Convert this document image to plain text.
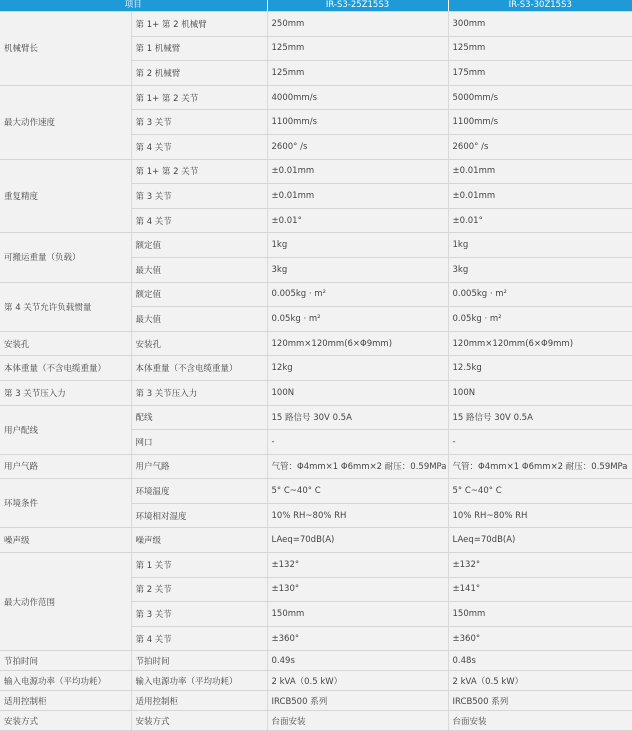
项目		IR-S3-25Z15S3	IR-S3-30Z15S3
机械臂长	第 1+ 第 2 机械臂	250mm	300mm
	第 1 机械臂	125mm	125mm
	第 2 机械臂	125mm	175mm
最大动作速度	第 1+ 第 2 关节	4000mm/s	5000mm/s
	第 3 关节	1100mm/s	1100mm/s
	第 4 关节	2600° /s	2600° /s
重复精度	第 1+ 第 2 关节	±0.01mm	±0.01mm
	第 3 关节	±0.01mm	±0.01mm
	第 4 关节	±0.01°	±0.01°
可搬运重量（负载）	额定值	1kg	1kg
	最大值	3kg	3kg
第 4 关节允许负载惯量	额定值	0.005kg · m²	0.005kg · m²
	最大值	0.05kg · m²	0.05kg · m²
安装孔	安装孔	120mm×120mm(6×Φ9mm)	120mm×120mm(6×Φ9mm)
本体重量（不含电缆重量）	本体重量（不含电缆重量）	12kg	12.5kg
第 3 关节压入力	第 3 关节压入力	100N	100N
用户配线	配线	15 路信号 30V 0.5A	15 路信号 30V 0.5A
	网口	-	-
用户气路	用户气路	气管：Φ4mm×1 Φ6mm×2 耐压：0.59MPa	气管：Φ4mm×1 Φ6mm×2 耐压：0.59MPa
环境条件	环境温度	5° C~40° C	5° C~40° C
	环境相对湿度	10% RH~80% RH	10% RH~80% RH
噪声级	噪声级	LAeq=70dB(A)	LAeq=70dB(A)
最大动作范围	第 1 关节	±132°	±132°
	第 2 关节	±130°	±141°
	第 3 关节	150mm	150mm
	第 4 关节	±360°	±360°
节拍时间	节拍时间	0.49s	0.48s
输入电源功率（平均功耗）	输入电源功率（平均功耗）	2 kVA（0.5 kW）	2 kVA（0.5 kW）
适用控制柜	适用控制柜	IRCB500 系列	IRCB500 系列
安装方式	安装方式	台面安装	台面安装
